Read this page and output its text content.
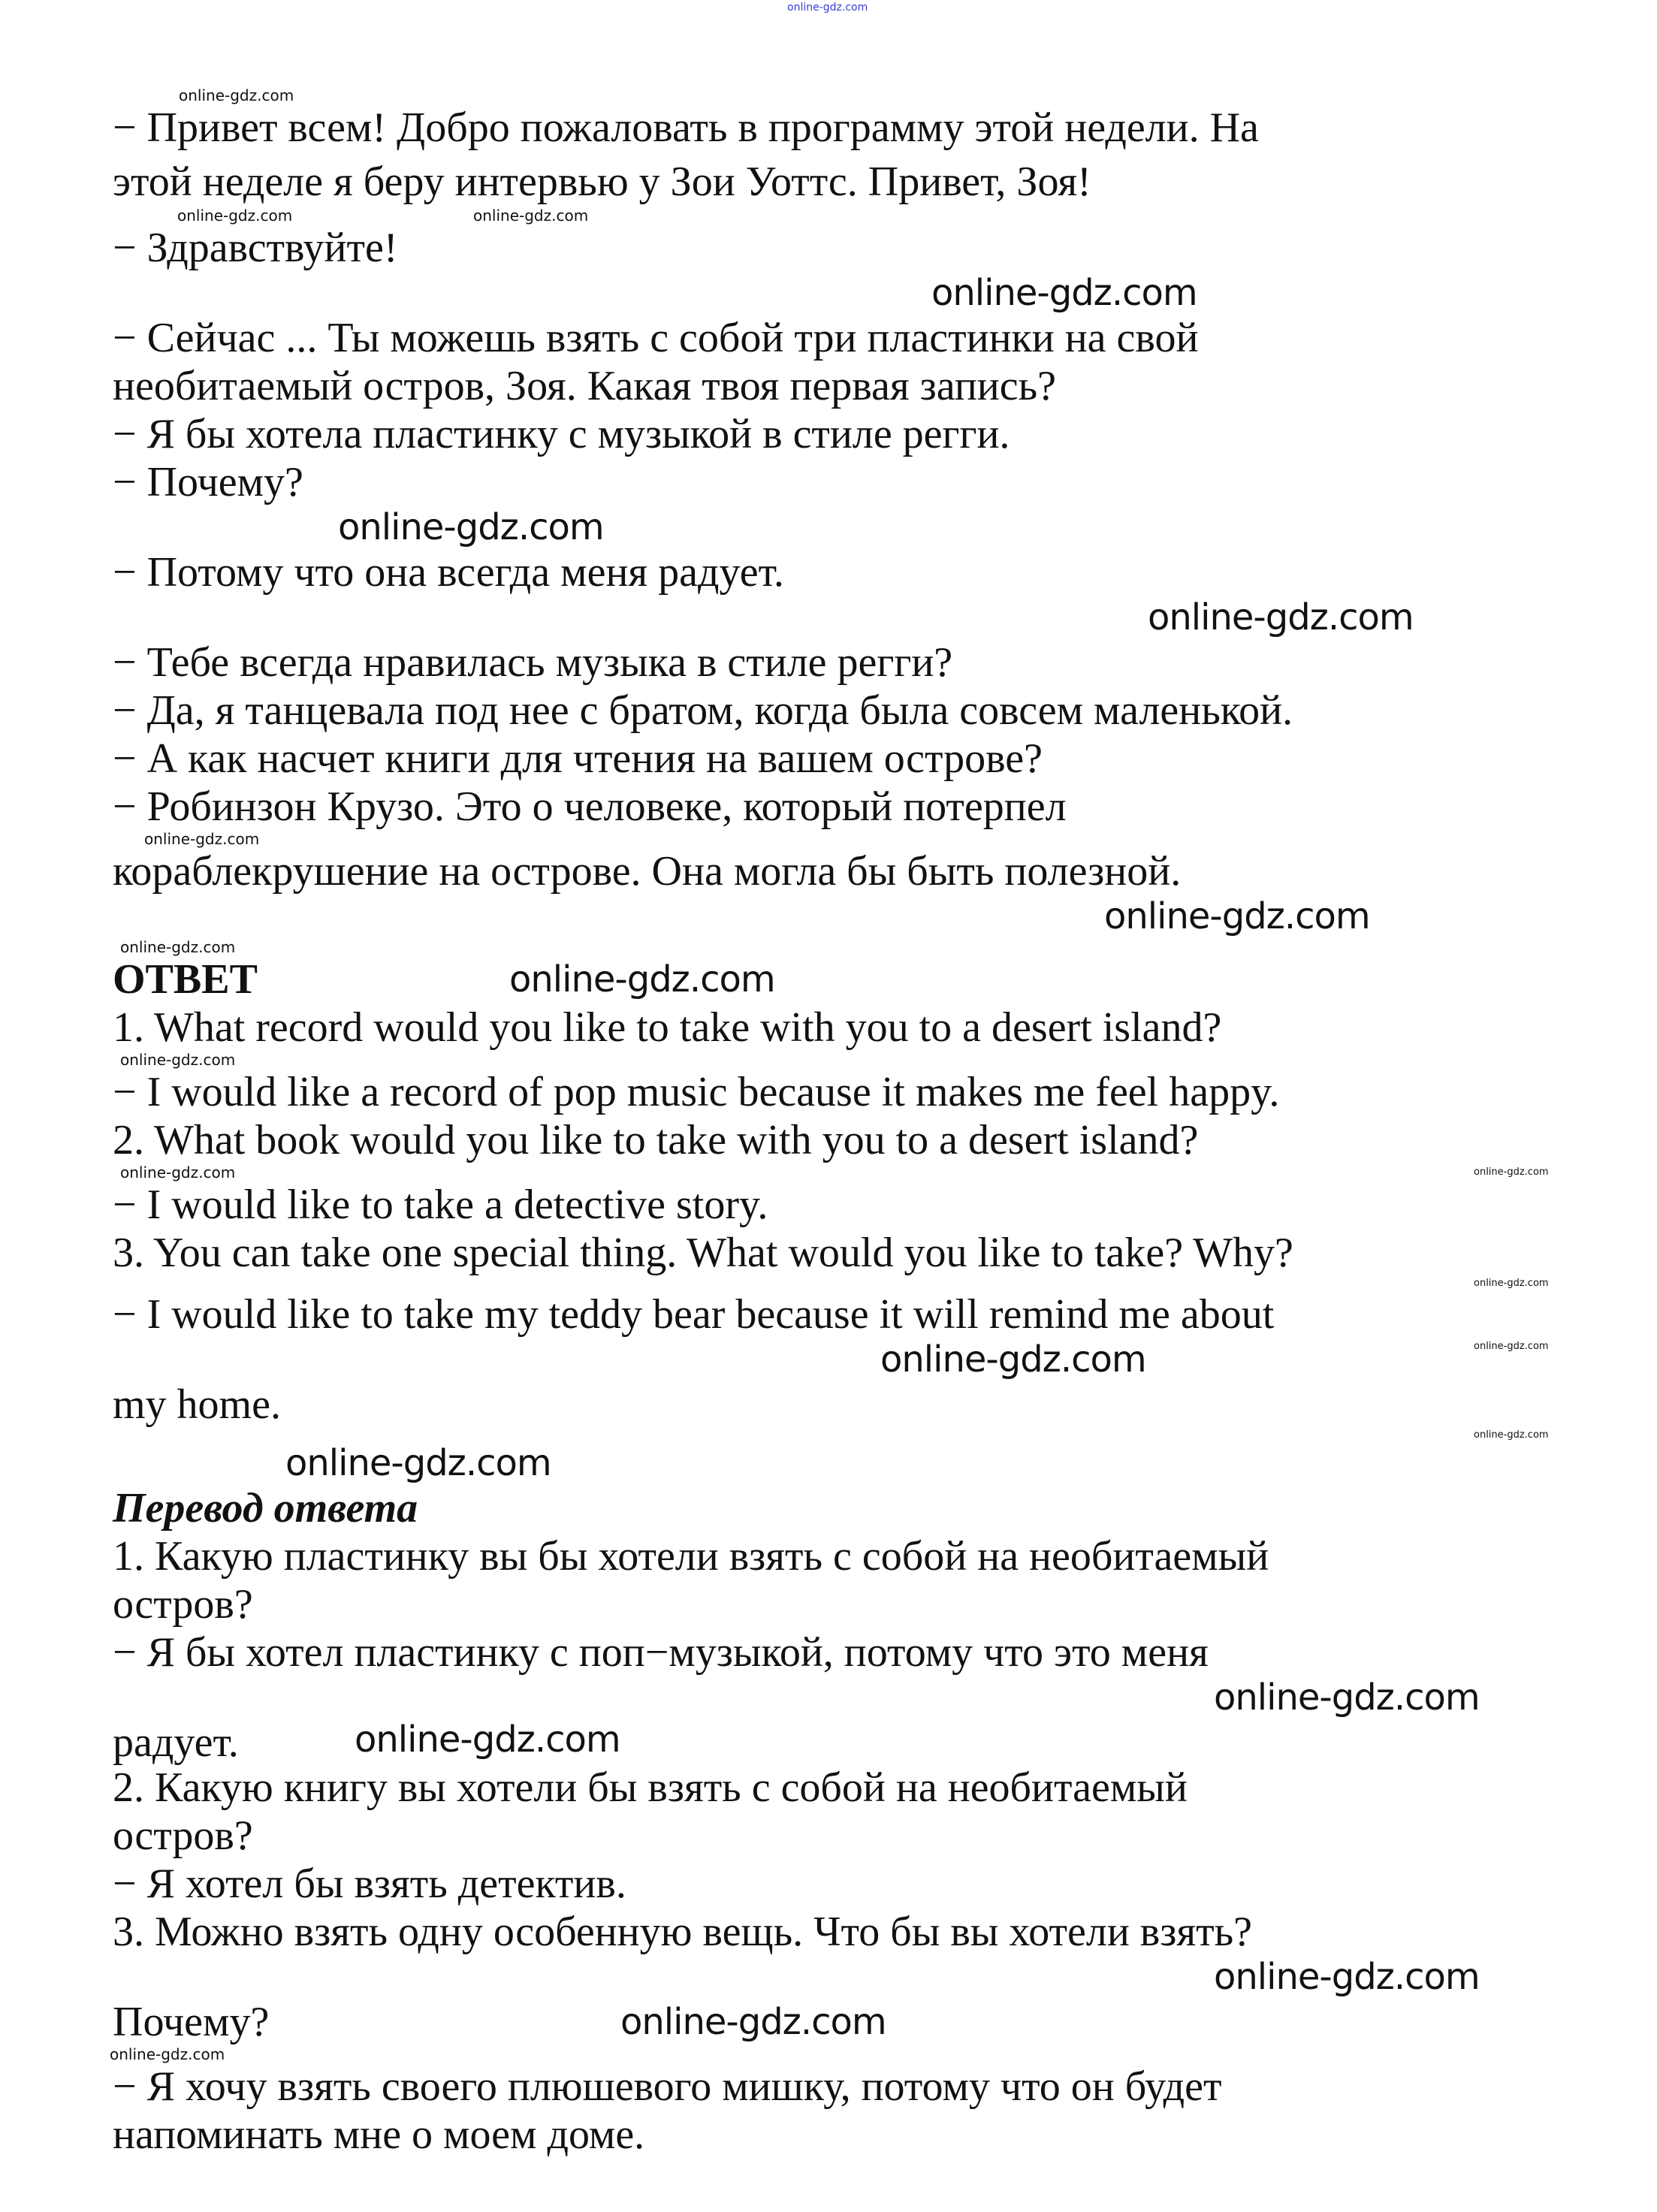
online-gdz.com
online-gdz.com
− Привет всем! Добро пожаловать в программу этой недели. На
этой неделе я беру интервью у Зои Уоттс. Привет, Зоя!
online-gdz.com	online-gdz.com
− Здравствуйте!
online-gdz.com
− Сейчас ... Ты можешь взять с собой три пластинки на свой
необитаемый остров, Зоя. Какая твоя первая запись?
− Я бы хотела пластинку с музыкой в стиле регги.
− Почему?
online-gdz.com
− Потому что она всегда меня радует.
online-gdz.com
− Тебе всегда нравилась музыка в стиле регги?
− Да, я танцевала под нее с братом, когда была совсем маленькой.
− А как насчет книги для чтения на вашем острове?
− Робинзон Крузо. Это о человеке, который потерпел
online-gdz.com
кораблекрушение на острове. Она могла бы быть полезной.
online-gdz.com
online-gdz.com
ОТВЕТ	online-gdz.com
1. What record would you like to take with you to a desert island?
online-gdz.com
− I would like a record of pop music because it makes me feel happy.
2. What book would you like to take with you to a desert island?
online-gdz.com	online-gdz.com
− I would like to take a detective story.
3. You can take one special thing. What would you like to take? Why?
online-gdz.com
− I would like to take my teddy bear because it will remind me about
online-gdz.com
online-gdz.com
my home.
online-gdz.com
online-gdz.com
Перевод ответа
1. Какую пластинку вы бы хотели взять с собой на необитаемый
остров?
− Я бы хотел пластинку с поп−музыкой, потому что это меня
online-gdz.com
радует.	online-gdz.com
2. Какую книгу вы хотели бы взять с собой на необитаемый
остров?
− Я хотел бы взять детектив.
3. Можно взять одну особенную вещь. Что бы вы хотели взять?
online-gdz.com
Почему?	online-gdz.com
online-gdz.com
− Я хочу взять своего плюшевого мишку, потому что он будет
напоминать мне о моем доме.
